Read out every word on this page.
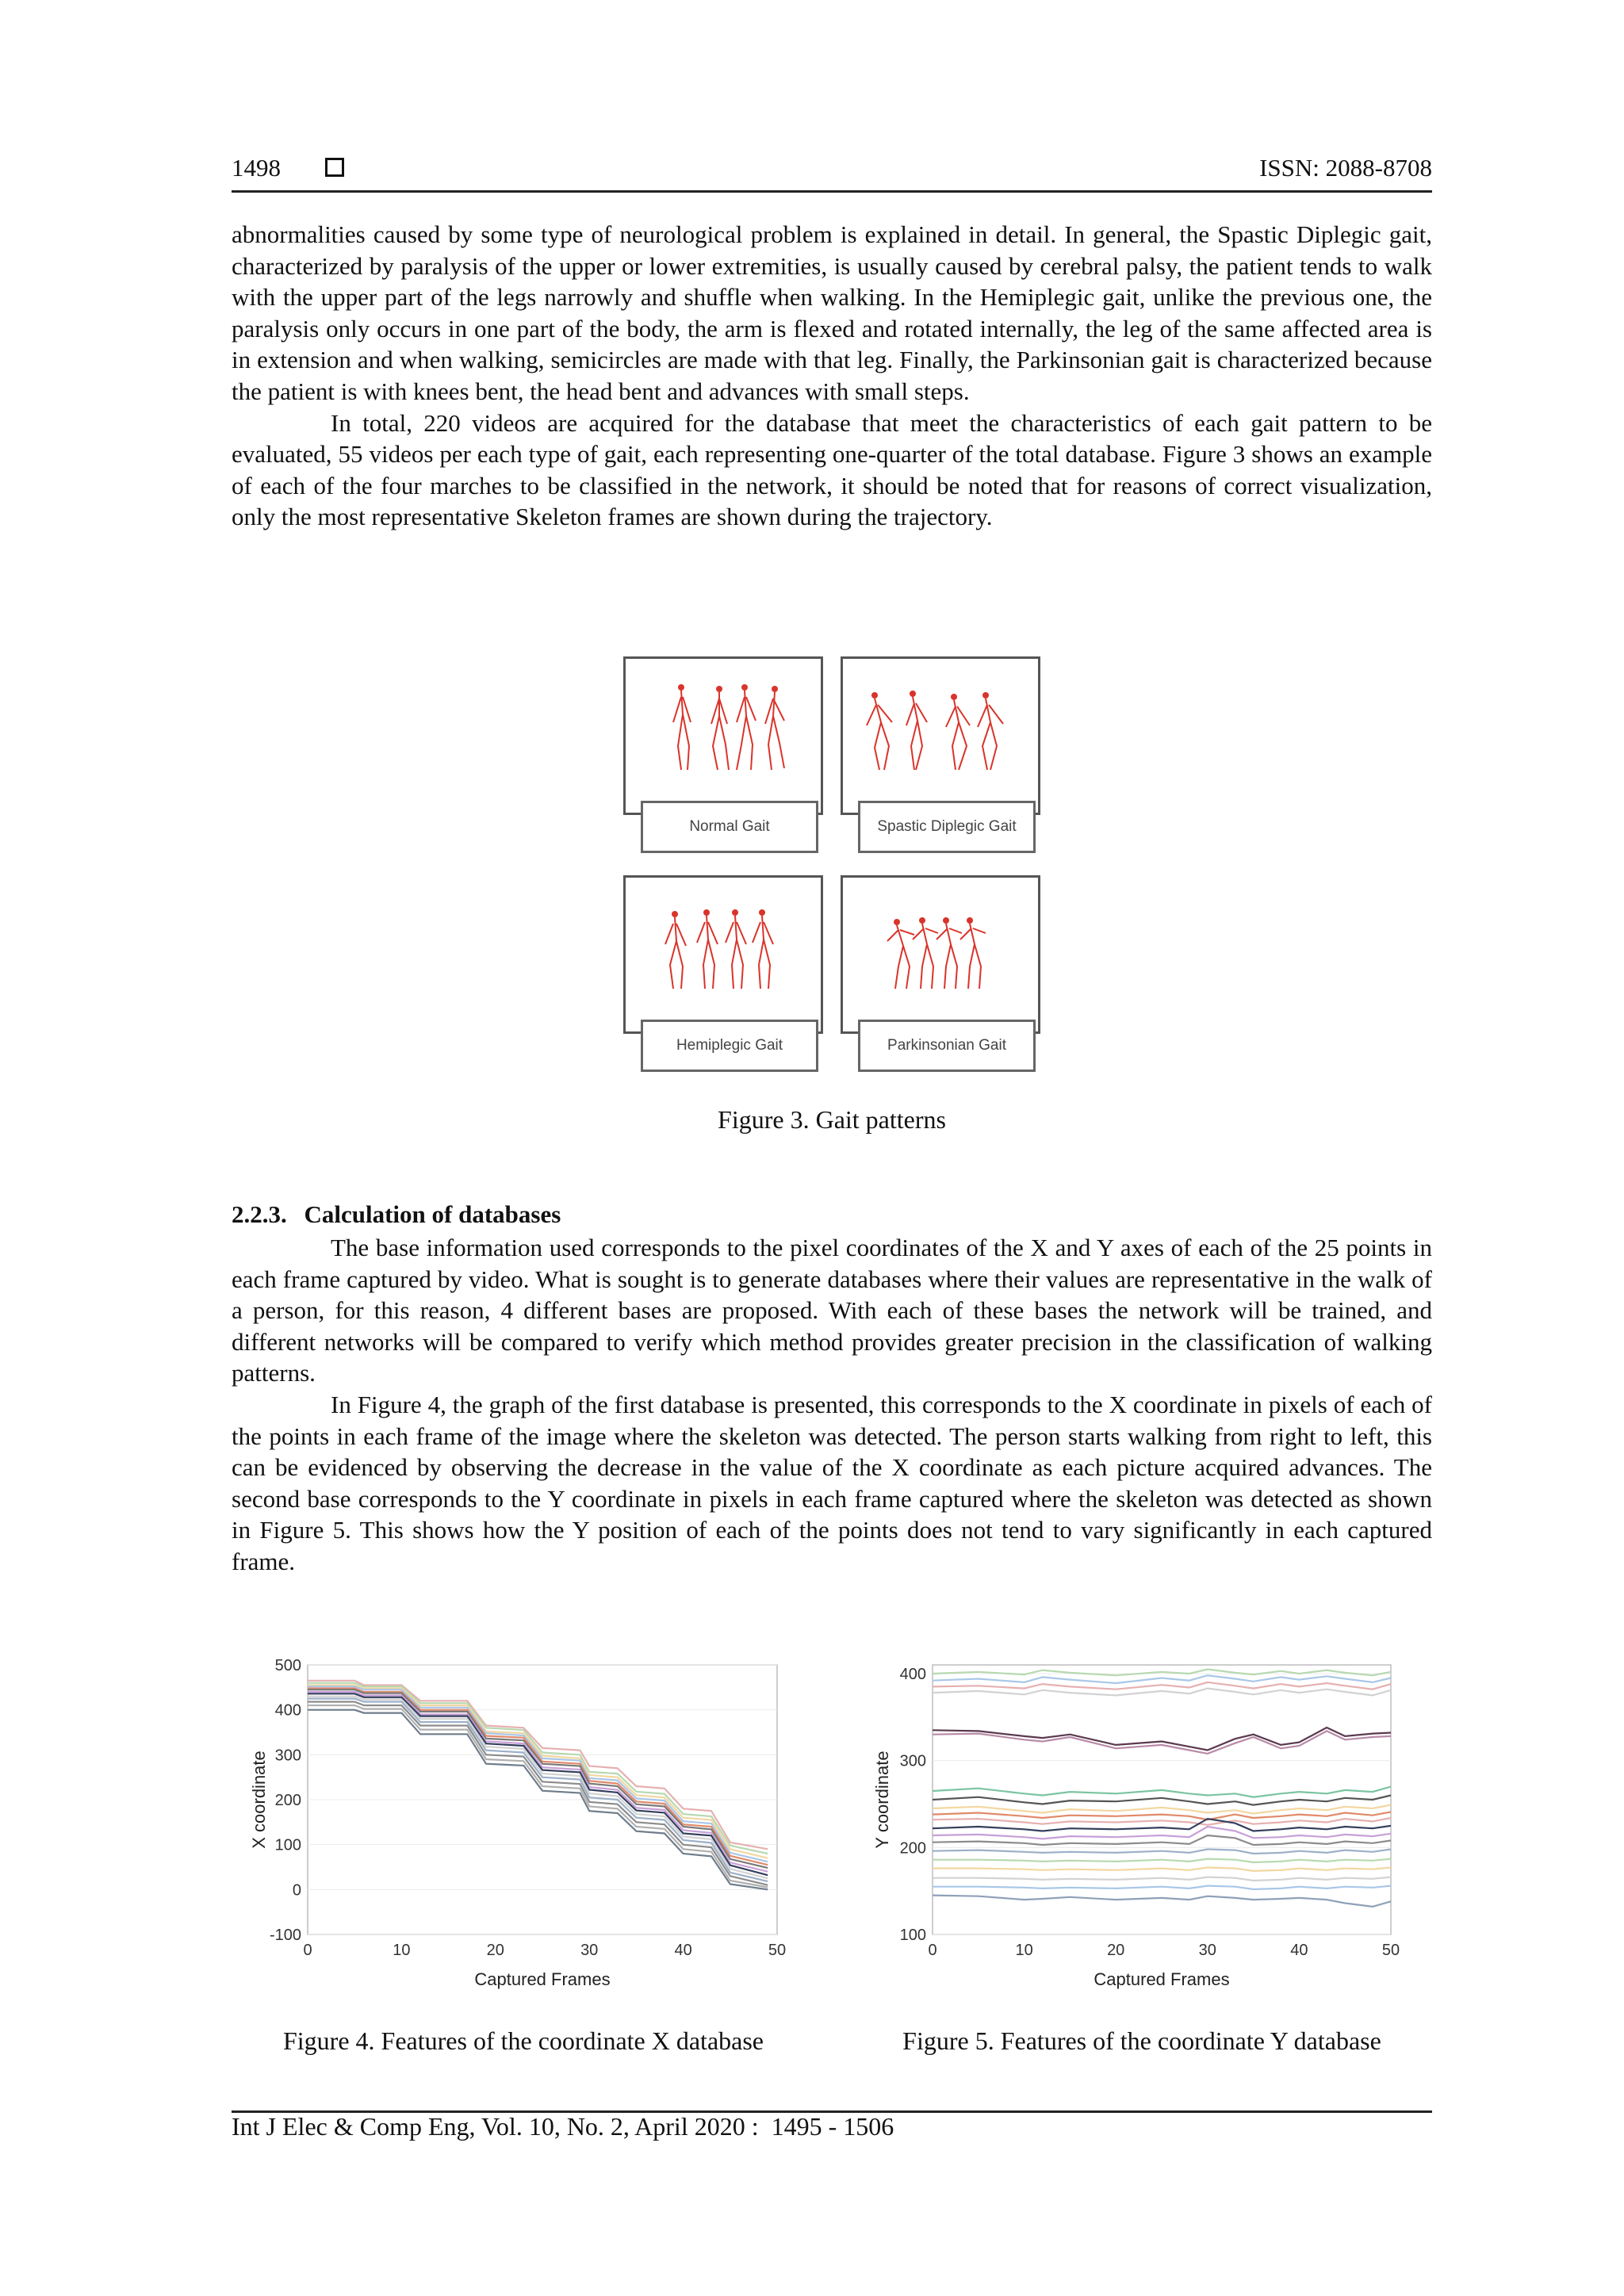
1498	ISSN: 2088-8708

abnormalities caused by some type of neurological problem is explained in detail. In general, the Spastic Diplegic gait, characterized by paralysis of the upper or lower extremities, is usually caused by cerebral palsy, the patient tends to walk with the upper part of the legs narrowly and shuffle when walking. In the Hemiplegic gait, unlike the previous one, the paralysis only occurs in one part of the body, the arm is flexed and rotated internally, the leg of the same affected area is in extension and when walking, semicircles are made with that leg. Finally, the Parkinsonian gait is characterized because the patient is with knees bent, the head bent and advances with small steps.

In total, 220 videos are acquired for the database that meet the characteristics of each gait pattern to be evaluated, 55 videos per each type of gait, each representing one-quarter of the total database. Figure 3 shows an example of each of the four marches to be classified in the network, it should be noted that for reasons of correct visualization, only the most representative Skeleton frames are shown during the trajectory.

Normal Gait	Spastic Diplegic Gait
Hemiplegic Gait	Parkinsonian Gait
Figure 3. Gait patterns
2.2.3. Calculation of databases

The base information used corresponds to the pixel coordinates of the X and Y axes of each of the 25 points in each frame captured by video. What is sought is to generate databases where their values are representative in the walk of a person, for this reason, 4 different bases are proposed. With each of these bases the network will be trained, and different networks will be compared to verify which method provides greater precision in the classification of walking patterns.

In Figure 4, the graph of the first database is presented, this corresponds to the X coordinate in pixels of each of the points in each frame of the image where the skeleton was detected. The person starts walking from right to left, this can be evidenced by observing the decrease in the value of the X coordinate as each picture acquired advances. The second base corresponds to the Y coordinate in pixels in each frame captured where the skeleton was detected as shown in Figure 5. This shows how the Y position of each of the points does not tend to vary significantly in each captured frame.

-100
0
100
200
300
400
500
0	10	20	30	40	50
Captured Frames
X coordinate
Figure 4. Features of the coordinate X database
100
200
300
400
0	10	20	30	40	50
Captured Frames
Y coordinate
Figure 5. Features of the coordinate Y database
Int J Elec & Comp Eng, Vol. 10, No. 2, April 2020 :  1495 - 1506
